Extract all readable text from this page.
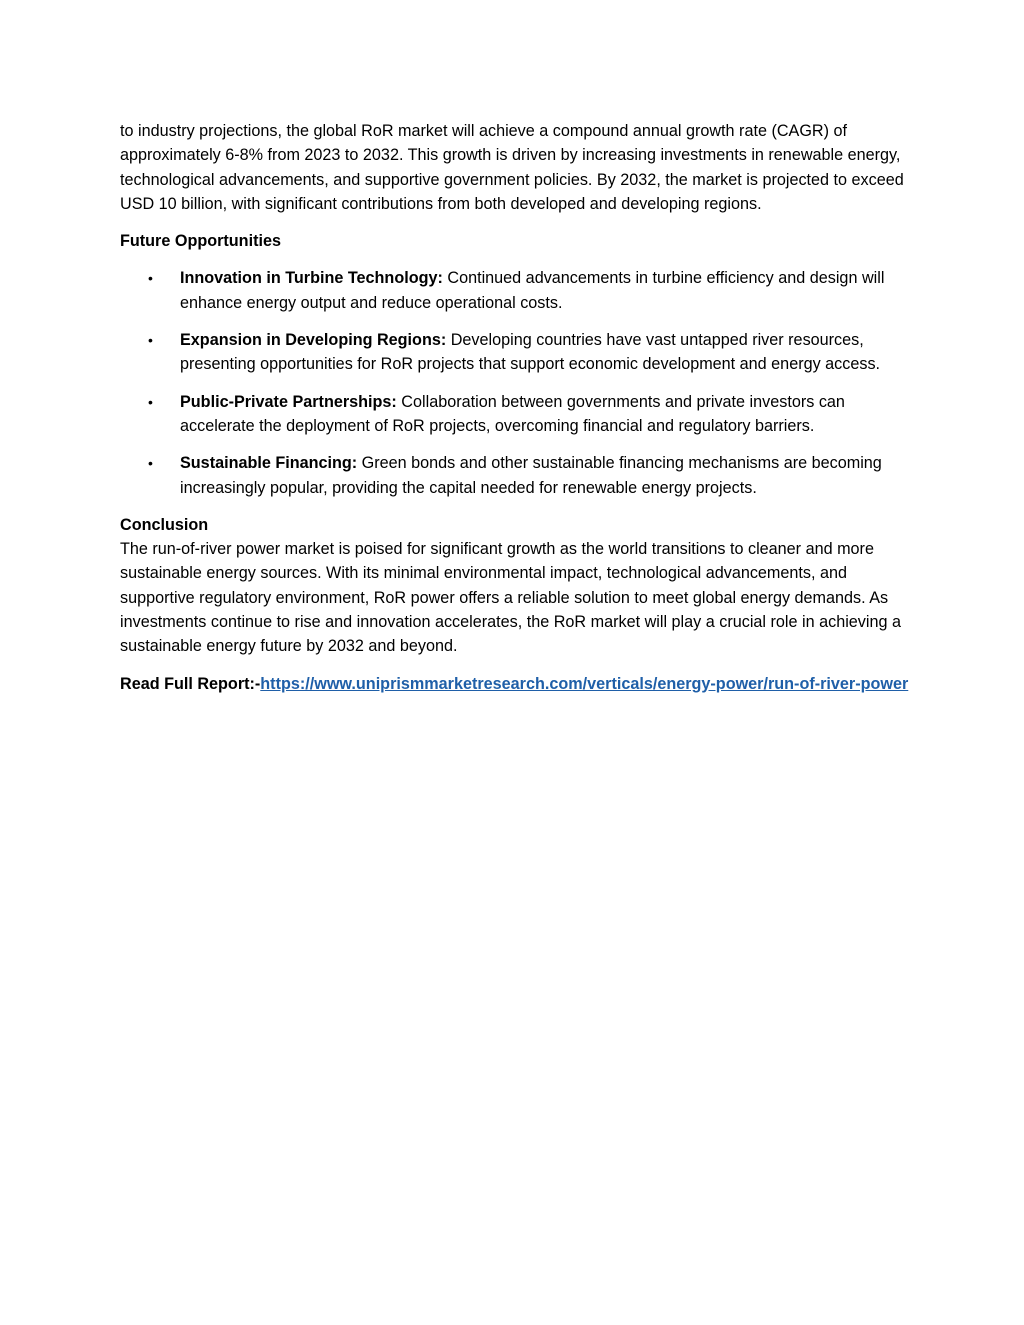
to industry projections, the global RoR market will achieve a compound annual growth rate (CAGR) of approximately 6-8% from 2023 to 2032. This growth is driven by increasing investments in renewable energy, technological advancements, and supportive government policies. By 2032, the market is projected to exceed USD 10 billion, with significant contributions from both developed and developing regions.

Future Opportunities

• Innovation in Turbine Technology: Continued advancements in turbine efficiency and design will enhance energy output and reduce operational costs.
• Expansion in Developing Regions: Developing countries have vast untapped river resources, presenting opportunities for RoR projects that support economic development and energy access.
• Public-Private Partnerships: Collaboration between governments and private investors can accelerate the deployment of RoR projects, overcoming financial and regulatory barriers.
• Sustainable Financing: Green bonds and other sustainable financing mechanisms are becoming increasingly popular, providing the capital needed for renewable energy projects.

Conclusion

The run-of-river power market is poised for significant growth as the world transitions to cleaner and more sustainable energy sources. With its minimal environmental impact, technological advancements, and supportive regulatory environment, RoR power offers a reliable solution to meet global energy demands. As investments continue to rise and innovation accelerates, the RoR market will play a crucial role in achieving a sustainable energy future by 2032 and beyond.

Read Full Report:-https://www.uniprismmarketresearch.com/verticals/energy-power/run-of-river-power
